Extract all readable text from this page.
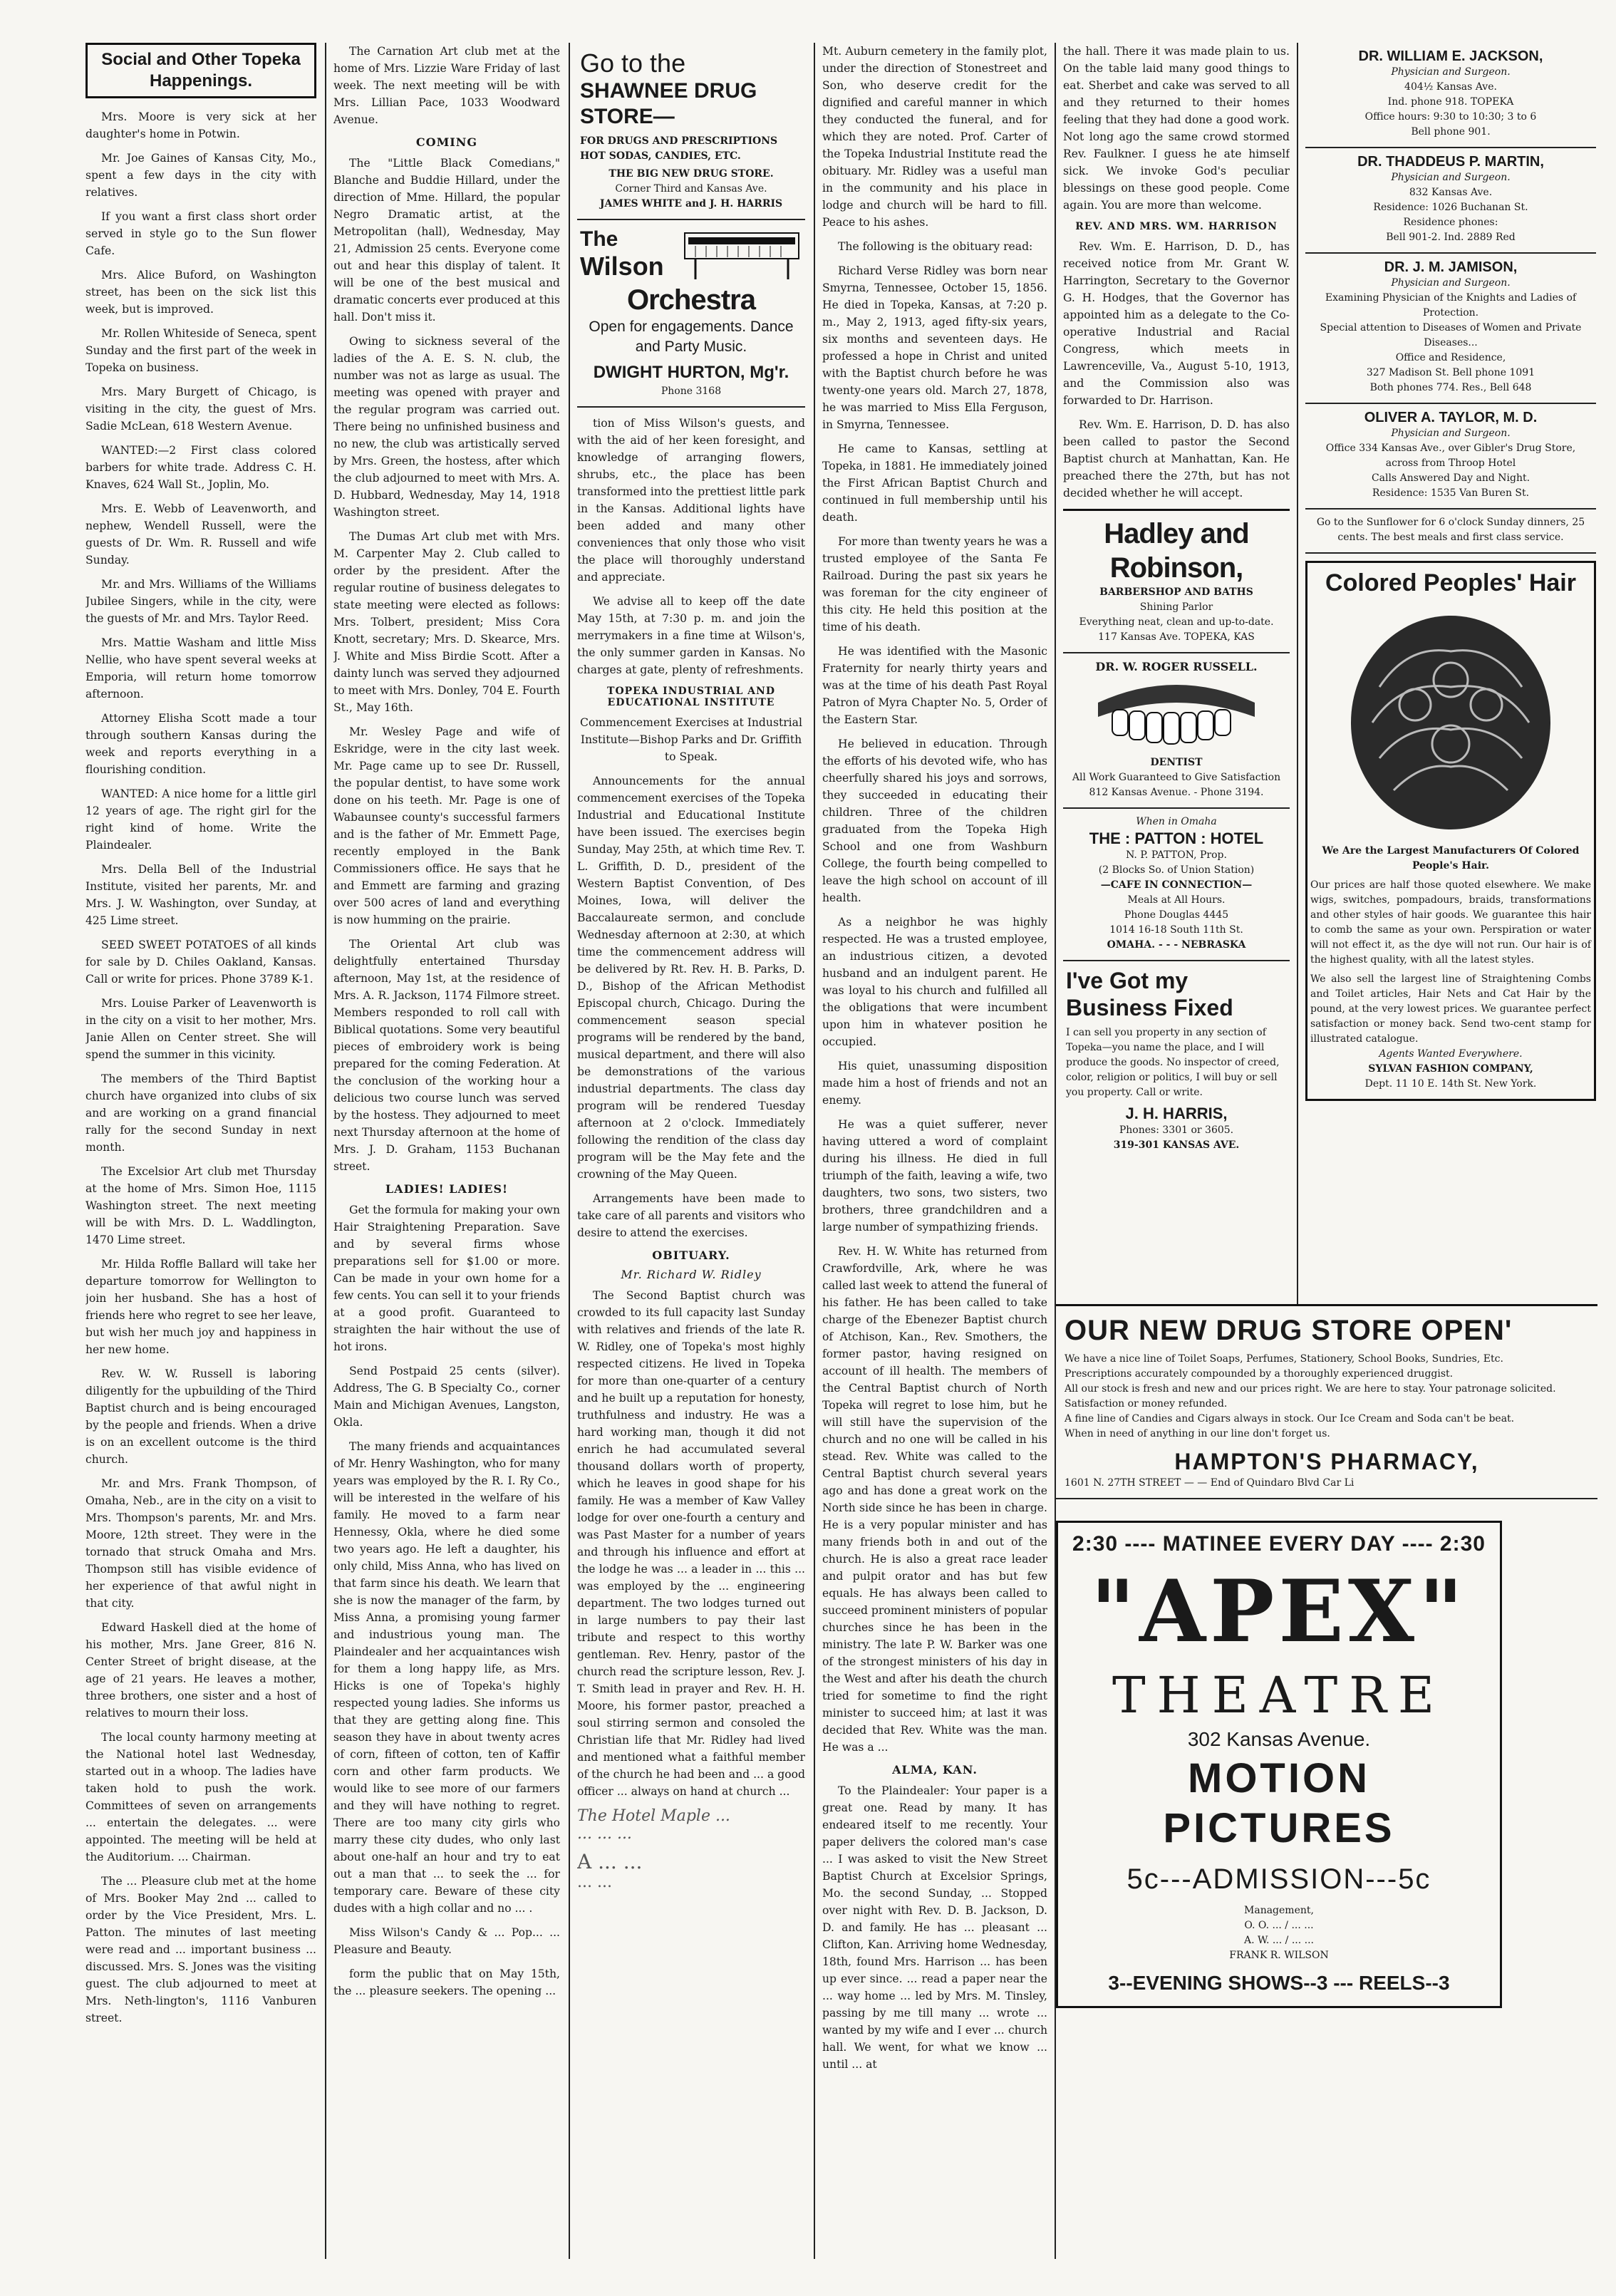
Social and Other Topeka Happenings.

Mrs. Moore is very sick at her daughter's home in Potwin.

Mr. Joe Gaines of Kansas City, Mo., spent a few days in the city with relatives.

If you want a first class short order served in style go to the Sun flower Cafe.

Mrs. Alice Buford, on Washington street, has been on the sick list this week, but is improved.

Mr. Rollen Whiteside of Seneca, spent Sunday and the first part of the week in Topeka on business.

Mrs. Mary Burgett of Chicago, is visiting in the city, the guest of Mrs. Sadie McLean, 618 Western Avenue.

WANTED:—2 First class colored barbers for white trade. Address C. H. Knaves, 624 Wall St., Joplin, Mo.

Mrs. E. Webb of Leavenworth, and nephew, Wendell Russell, were the guests of Dr. Wm. R. Russell and wife Sunday.

Mr. and Mrs. Williams of the Williams Jubilee Singers, while in the city, were the guests of Mr. and Mrs. Taylor Reed.

Mrs. Mattie Washam and little Miss Nellie, who have spent several weeks at Emporia, will return home tomorrow afternoon.

Attorney Elisha Scott made a tour through southern Kansas during the week and reports everything in a flourishing condition.

WANTED: A nice home for a little girl 12 years of age. The right girl for the right kind of home. Write the Plaindealer.

Mrs. Della Bell of the Industrial Institute, visited her parents, Mr. and Mrs. J. W. Washington, over Sunday, at 425 Lime street.

SEED SWEET POTATOES of all kinds for sale by D. Chiles Oakland, Kansas. Call or write for prices. Phone 3789 K-1.

Mrs. Louise Parker of Leavenworth is in the city on a visit to her mother, Mrs. Janie Allen on Center street. She will spend the summer in this vicinity.

The members of the Third Baptist church have organized into clubs of six and are working on a grand financial rally for the second Sunday in next month.

The Excelsior Art club met Thursday at the home of Mrs. Simon Hoe, 1115 Washington street. The next meeting will be with Mrs. D. L. Waddlington, 1470 Lime street.

Mr. Hilda Roffle Ballard will take her departure tomorrow for Wellington to join her husband. She has a host of friends here who regret to see her leave, but wish her much joy and happiness in her new home.

Rev. W. W. Russell is laboring diligently for the upbuilding of the Third Baptist church and is being encouraged by the people and friends. When a drive is on an excellent outcome is the third church.

Mr. and Mrs. Frank Thompson, of Omaha, Neb., are in the city on a visit to Mrs. Thompson's parents, Mr. and Mrs. Moore, 12th street. They were in the tornado that struck Omaha and Mrs. Thompson still has visible evidence of her experience of that awful night in that city.

Edward Haskell died at the home of his mother, Mrs. Jane Greer, 816 N. Center Street of bright disease, at the age of 21 years. He leaves a mother, three brothers, one sister and a host of relatives to mourn their loss.

The local county harmony meeting at the National hotel last Wednesday, started out in a whoop. The ladies have taken hold to push the work. Committees of seven on arrangements ... entertain the delegates. ... were appointed. The meeting will be held at the Auditorium. ... Chairman.

The ... Pleasure club met at the home of Mrs. Booker May 2nd ... called to order by the Vice President, Mrs. L. Patton. The minutes of last meeting were read and ... important business ... discussed. Mrs. S. Jones was the visiting guest. The club adjourned to meet at Mrs. Neth-lington's, 1116 Vanburen street.

The Carnation Art club met at the home of Mrs. Lizzie Ware Friday of last week. The next meeting will be with Mrs. Lillian Pace, 1033 Woodward Avenue.

COMING

The "Little Black Comedians," Blanche and Buddie Hillard, under the direction of Mme. Hillard, the popular Negro Dramatic artist, at the Metropolitan (hall), Wednesday, May 21, Admission 25 cents. Everyone come out and hear this display of talent. It will be one of the best musical and dramatic concerts ever produced at this hall. Don't miss it.

Owing to sickness several of the ladies of the A. E. S. N. club, the number was not as large as usual. The meeting was opened with prayer and the regular program was carried out. There being no unfinished business and no new, the club was artistically served by Mrs. Green, the hostess, after which the club adjourned to meet with Mrs. A. D. Hubbard, Wednesday, May 14, 1918 Washington street.

The Dumas Art club met with Mrs. M. Carpenter May 2. Club called to order by the president. After the regular routine of business delegates to state meeting were elected as follows: Mrs. Tolbert, president; Miss Cora Knott, secretary; Mrs. D. Skearce, Mrs. J. White and Miss Birdie Scott. After a dainty lunch was served they adjourned to meet with Mrs. Donley, 704 E. Fourth St., May 16th.

Mr. Wesley Page and wife of Eskridge, were in the city last week. Mr. Page came up to see Dr. Russell, the popular dentist, to have some work done on his teeth. Mr. Page is one of Wabaunsee county's successful farmers and is the father of Mr. Emmett Page, recently employed in the Bank Commissioners office. He says that he and Emmett are farming and grazing over 500 acres of land and everything is now humming on the prairie.

The Oriental Art club was delightfully entertained Thursday afternoon, May 1st, at the residence of Mrs. A. R. Jackson, 1174 Filmore street. Members responded to roll call with Biblical quotations. Some very beautiful pieces of embroidery work is being prepared for the coming Federation. At the conclusion of the working hour a delicious two course lunch was served by the hostess. They adjourned to meet next Thursday afternoon at the home of Mrs. J. D. Graham, 1153 Buchanan street.

LADIES! LADIES!

Get the formula for making your own Hair Straightening Preparation. Save and by several firms whose preparations sell for $1.00 or more. Can be made in your own home for a few cents. You can sell it to your friends at a good profit. Guaranteed to straighten the hair without the use of hot irons.

Send Postpaid 25 cents (silver). Address, The G. B Specialty Co., corner Main and Michigan Avenues, Langston, Okla.

The many friends and acquaintances of Mr. Henry Washington, who for many years was employed by the R. I. Ry Co., will be interested in the welfare of his family. He moved to a farm near Hennessy, Okla, where he died some two years ago. He left a daughter, his only child, Miss Anna, who has lived on that farm since his death. We learn that she is now the manager of the farm, by Miss Anna, a promising young farmer and industrious young man. The Plaindealer and her acquaintances wish for them a long happy life, as Mrs. Hicks is one of Topeka's highly respected young ladies. She informs us that they are getting along fine. This season they have in about twenty acres of corn, fifteen of cotton, ten of Kaffir corn and other farm products. We would like to see more of our farmers and they will have nothing to regret. There are too many city girls who marry these city dudes, who only last about one-half an hour and try to eat out a man that ... to seek the ... for temporary care. Beware of these city dudes with a high collar and no ... .

Miss Wilson's Candy & ... Pop... ... Pleasure and Beauty.

form the public that on May 15th, the ... pleasure seekers. The opening ...

Go to the
SHAWNEE DRUG STORE—
FOR DRUGS AND PRESCRIPTIONS
HOT SODAS, CANDIES, ETC.
THE BIG NEW DRUG STORE.
Corner Third and Kansas Ave.
JAMES WHITE and J. H. HARRIS
The
Wilson
Orchestra
Open for engagements. Dance and Party Music.
DWIGHT HURTON, Mg'r.
Phone 3168

tion of Miss Wilson's guests, and with the aid of her keen foresight, and knowledge of arranging flowers, shrubs, etc., the place has been transformed into the prettiest little park in the Kansas. Additional lights have been added and many other conveniences that only those who visit the place will thoroughly understand and appreciate.

We advise all to keep off the date May 15th, at 7:30 p. m. and join the merrymakers in a fine time at Wilson's, the only summer garden in Kansas. No charges at gate, plenty of refreshments.

TOPEKA INDUSTRIAL AND EDUCATIONAL INSTITUTE

Commencement Exercises at Industrial Institute—Bishop Parks and Dr. Griffith to Speak.

Announcements for the annual commencement exercises of the Topeka Industrial and Educational Institute have been issued. The exercises begin Sunday, May 25th, at which time Rev. T. L. Griffith, D. D., president of the Western Baptist Convention, of Des Moines, Iowa, will deliver the Baccalaureate sermon, and conclude Wednesday afternoon at 2:30, at which time the commencement address will be delivered by Rt. Rev. H. B. Parks, D. D., Bishop of the African Methodist Episcopal church, Chicago. During the commencement season special programs will be rendered by the band, musical department, and there will also be demonstrations of the various industrial departments. The class day program will be rendered Tuesday afternoon at 2 o'clock. Immediately following the rendition of the class day program will be the May fete and the crowning of the May Queen.

Arrangements have been made to take care of all parents and visitors who desire to attend the exercises.

OBITUARY.
Mr. Richard W. Ridley

The Second Baptist church was crowded to its full capacity last Sunday with relatives and friends of the late R. W. Ridley, one of Topeka's most highly respected citizens. He lived in Topeka for more than one-quarter of a century and he built up a reputation for honesty, truthfulness and industry. He was a hard working man, though it did not enrich he had accumulated several thousand dollars worth of property, which he leaves in good shape for his family. He was a member of Kaw Valley lodge for over one-fourth a century and was Past Master for a number of years and through his influence and effort at the lodge he was ... a leader in ... this ... was employed by the ... engineering department. The two lodges turned out in large numbers to pay their last tribute and respect to this worthy gentleman. Rev. Henry, pastor of the church read the scripture lesson, Rev. J. T. Smith lead in prayer and Rev. H. H. Moore, his former pastor, preached a soul stirring sermon and consoled the Christian life that Mr. Ridley had lived and mentioned what a faithful member of the church he had been and ... a good officer ... always on hand at church ...

The Hotel Maple ...
... ... ...
A ... ...
... ...

Mt. Auburn cemetery in the family plot, under the direction of Stonestreet and Son, who deserve credit for the dignified and careful manner in which they conducted the funeral, and for which they are noted. Prof. Carter of the Topeka Industrial Institute read the obituary. Mr. Ridley was a useful man in the community and his place in lodge and church will be hard to fill. Peace to his ashes.

The following is the obituary read:

Richard Verse Ridley was born near Smyrna, Tennessee, October 15, 1856. He died in Topeka, Kansas, at 7:20 p. m., May 2, 1913, aged fifty-six years, six months and seventeen days. He professed a hope in Christ and united with the Baptist church before he was twenty-one years old. March 27, 1878, he was married to Miss Ella Ferguson, in Smyrna, Tennessee.

He came to Kansas, settling at Topeka, in 1881. He immediately joined the First African Baptist Church and continued in full membership until his death.

For more than twenty years he was a trusted employee of the Santa Fe Railroad. During the past six years he was foreman for the city engineer of this city. He held this position at the time of his death.

He was identified with the Masonic Fraternity for nearly thirty years and was at the time of his death Past Royal Patron of Myra Chapter No. 5, Order of the Eastern Star.

He believed in education. Through the efforts of his devoted wife, who has cheerfully shared his joys and sorrows, they succeeded in educating their children. Three of the children graduated from the Topeka High School and one from Washburn College, the fourth being compelled to leave the high school on account of ill health.

As a neighbor he was highly respected. He was a trusted employee, an industrious citizen, a devoted husband and an indulgent parent. He was loyal to his church and fulfilled all the obligations that were incumbent upon him in whatever position he occupied.

His quiet, unassuming disposition made him a host of friends and not an enemy.

He was a quiet sufferer, never having uttered a word of complaint during his illness. He died in full triumph of the faith, leaving a wife, two daughters, two sons, two sisters, two brothers, three grandchildren and a large number of sympathizing friends.

Rev. H. W. White has returned from Crawfordville, Ark, where he was called last week to attend the funeral of his father. He has been called to take charge of the Ebenezer Baptist church of Atchison, Kan., Rev. Smothers, the former pastor, having resigned on account of ill health. The members of the Central Baptist church of North Topeka will regret to lose him, but he will still have the supervision of the church and no one will be called in his stead. Rev. White was called to the Central Baptist church several years ago and has done a great work on the North side since he has been in charge. He is a very popular minister and has many friends both in and out of the church. He is also a great race leader and pulpit orator and has but few equals. He has always been called to succeed prominent ministers of popular churches since he has been in the ministry. The late P. W. Barker was one of the strongest ministers of his day in the West and after his death the church tried for sometime to find the right minister to succeed him; at last it was decided that Rev. White was the man. He was a ...

ALMA, KAN.

To the Plaindealer: Your paper is a great one. Read by many. It has endeared itself to me recently. Your paper delivers the colored man's case ... I was asked to visit the New Street Baptist Church at Excelsior Springs, Mo. the second Sunday, ... Stopped over night with Rev. D. B. Jackson, D. D. and family. He has ... pleasant ... Clifton, Kan. Arriving home Wednesday, 18th, found Mrs. Harrison ... has been up ever since. ... read a paper near the ... way home ... led by Mrs. M. Tinsley, passing by me till many ... wrote ... wanted by my wife and I ever ... church hall. We went, for what we know ... until ... at

the hall. There it was made plain to us. On the table laid many good things to eat. Sherbet and cake was served to all and they returned to their homes feeling that they had done a good work. Not long ago the same crowd stormed Rev. Faulkner. I guess he ate himself sick. We invoke God's peculiar blessings on these good people. Come again. You are more than welcome.

REV. AND MRS. WM. HARRISON

Rev. Wm. E. Harrison, D. D., has received notice from Mr. Grant W. Harrington, Secretary to the Governor G. H. Hodges, that the Governor has appointed him as a delegate to the Co-operative Industrial and Racial Congress, which meets in Lawrenceville, Va., August 5-10, 1913, and the Commission also was forwarded to Dr. Harrison.

Rev. Wm. E. Harrison, D. D. has also been called to pastor the Second Baptist church at Manhattan, Kan. He preached there the 27th, but has not decided whether he will accept.

Hadley and Robinson,
BARBERSHOP AND BATHS
Shining Parlor
Everything neat, clean and up-to-date.
117 Kansas Ave. TOPEKA, KAS
DR. W. ROGER RUSSELL.
DENTIST
All Work Guaranteed to Give Satisfaction
812 Kansas Avenue. - Phone 3194.
When in Omaha
THE : PATTON : HOTEL
N. P. PATTON, Prop.
(2 Blocks So. of Union Station)
—CAFE IN CONNECTION—
Meals at All Hours.
Phone Douglas 4445
1014 16-18 South 11th St.
OMAHA. - - - NEBRASKA
I've Got my Business Fixed
I can sell you property in any section of Topeka—you name the place, and I will produce the goods. No inspector of creed, color, religion or politics, I will buy or sell you property. Call or write.
J. H. HARRIS,
Phones: 3301 or 3605.
319-301 KANSAS AVE.
DR. WILLIAM E. JACKSON,
Physician and Surgeon.
404½ Kansas Ave.
Ind. phone 918. TOPEKA
Office hours: 9:30 to 10:30; 3 to 6
Bell phone 901.
DR. THADDEUS P. MARTIN,
Physician and Surgeon.
832 Kansas Ave.
Residence: 1026 Buchanan St.
Residence phones:
Bell 901-2. Ind. 2889 Red
DR. J. M. JAMISON,
Physician and Surgeon.
Examining Physician of the Knights and Ladies of Protection.
Special attention to Diseases of Women and Private Diseases...
Office and Residence,
327 Madison St. Bell phone 1091
Both phones 774. Res., Bell 648
OLIVER A. TAYLOR, M. D.
Physician and Surgeon.
Office 334 Kansas Ave., over Gibler's Drug Store, across from Throop Hotel
Calls Answered Day and Night.
Residence: 1535 Van Buren St.
Go to the Sunflower for 6 o'clock Sunday dinners, 25 cents. The best meals and first class service.
Colored Peoples' Hair
We Are the Largest Manufacturers Of Colored People's Hair.
Our prices are half those quoted elsewhere. We make wigs, switches, pompadours, braids, transformations and other styles of hair goods. We guarantee this hair to comb the same as your own. Perspiration or water will not effect it, as the dye will not run. Our hair is of the highest quality, with all the latest styles.
We also sell the largest line of Straightening Combs and Toilet articles, Hair Nets and Cat Hair by the pound, at the very lowest prices. We guarantee perfect satisfaction or money back. Send two-cent stamp for illustrated catalogue.
Agents Wanted Everywhere.
SYLVAN FASHION COMPANY,
Dept. 11 10 E. 14th St. New York.
OUR NEW DRUG STORE OPEN'
We have a nice line of Toilet Soaps, Perfumes, Stationery, School Books, Sundries, Etc.
Prescriptions accurately compounded by a thoroughly experienced druggist.
All our stock is fresh and new and our prices right. We are here to stay. Your patronage solicited. Satisfaction or money refunded.
A fine line of Candies and Cigars always in stock. Our Ice Cream and Soda can't be beat.
When in need of anything in our line don't forget us.
HAMPTON'S PHARMACY,
1601 N. 27TH STREET — — End of Quindaro Blvd Car Li
2:30 ---- MATINEE EVERY DAY ---- 2:30
"APEX"
THEATRE
302 Kansas Avenue.
MOTION PICTURES
5c---ADMISSION---5c
Management,
O. O. ... / ... ...
A. W. ... / ... ...
FRANK R. WILSON
3--EVENING SHOWS--3 --- REELS--3
